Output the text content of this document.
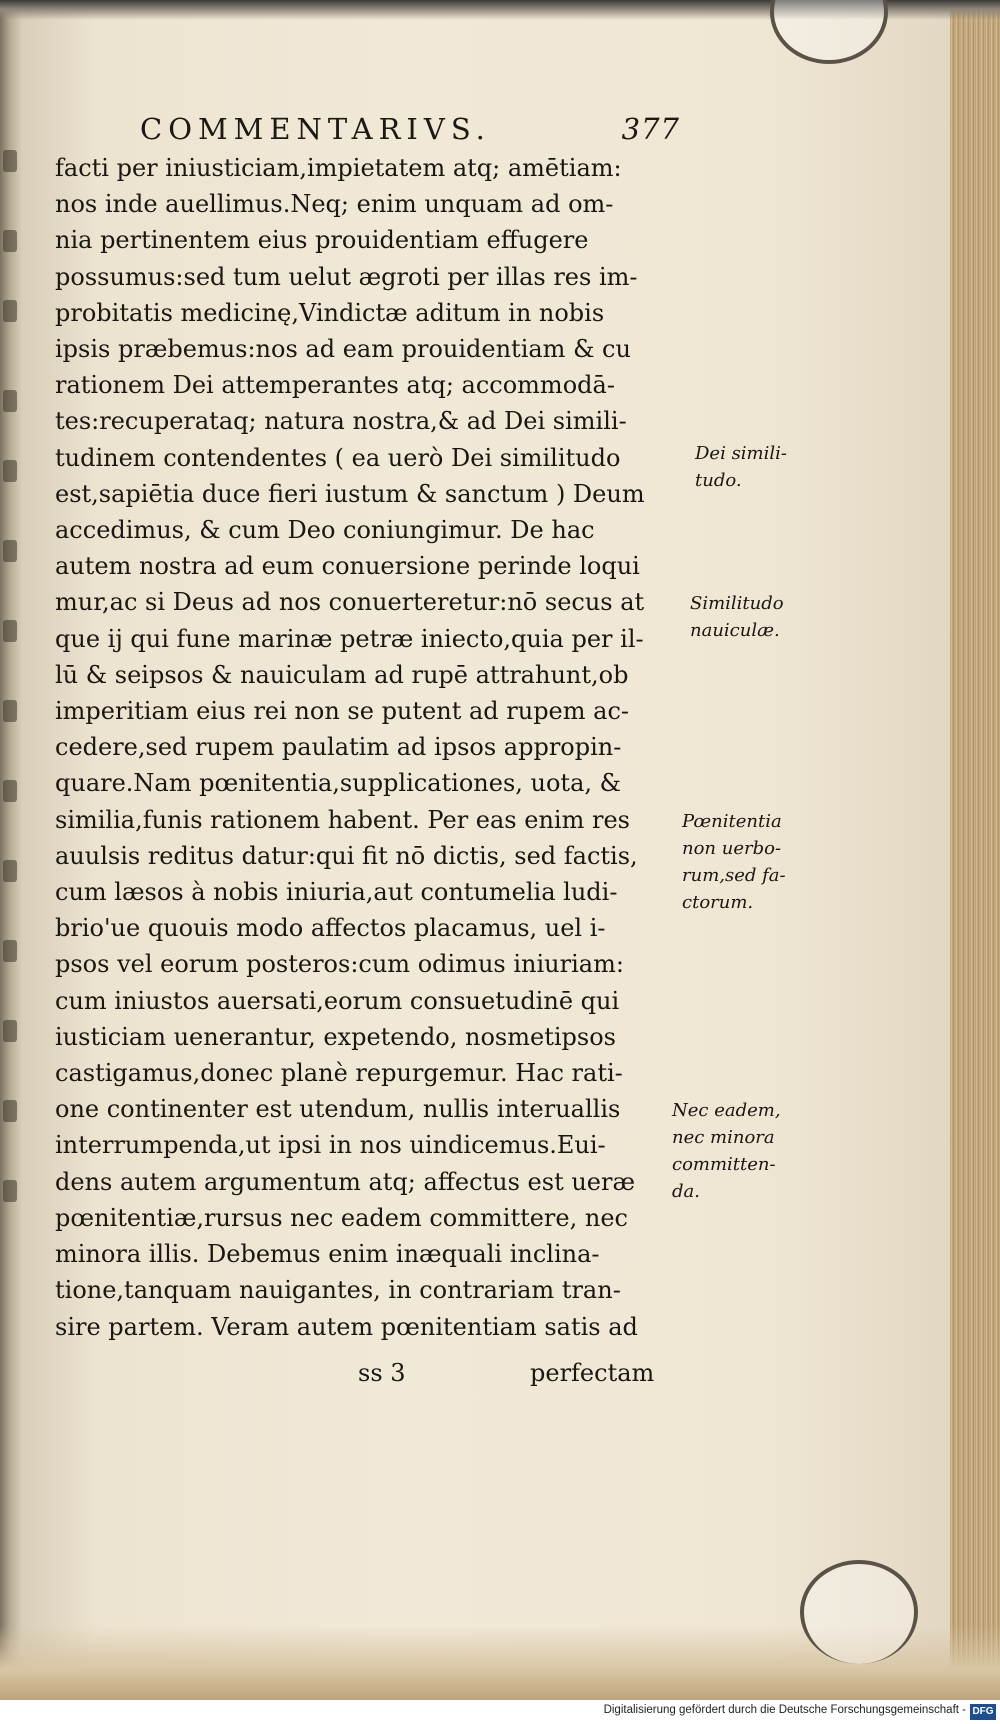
COMMENTARIVS.	377
facti per iniusticiam,impietatem atq; amētiam:
nos inde auellimus.Neq; enim unquam ad om-
nia pertinentem eius prouidentiam effugere
possumus:sed tum uelut ægroti per illas res im-
probitatis medicinę,Vindictæ aditum in nobis
ipsis præbemus:nos ad eam prouidentiam & cu
rationem Dei attemperantes atq; accommodā-
tes:recuperataq; natura nostra,& ad Dei simili-
tudinem contendentes ( ea uerò Dei similitudo
est,sapiētia duce fieri iustum & sanctum ) Deum
accedimus, & cum Deo coniungimur. De hac
autem nostra ad eum conuersione perinde loqui
mur,ac si Deus ad nos conuerteretur:nō secus at
que ij qui fune marinæ petræ iniecto,quia per il-
lū & seipsos & nauiculam ad rupē attrahunt,ob
imperitiam eius rei non se putent ad rupem ac-
cedere,sed rupem paulatim ad ipsos appropin-
quare.Nam pœnitentia,supplicationes, uota, &
similia,funis rationem habent. Per eas enim res
auulsis reditus datur:qui fit nō dictis, sed factis,
cum læsos à nobis iniuria,aut contumelia ludi-
brio'ue quouis modo affectos placamus, uel i-
psos vel eorum posteros:cum odimus iniuriam:
cum iniustos auersati,eorum consuetudinē qui
iusticiam uenerantur, expetendo, nosmetipsos
castigamus,donec planè repurgemur. Hac rati-
one continenter est utendum, nullis interuallis
interrumpenda,ut ipsi in nos uindicemus.Eui-
dens autem argumentum atq; affectus est ueræ
pœnitentiæ,rursus nec eadem committere, nec
minora illis. Debemus enim inæquali inclina-
tione,tanquam nauigantes, in contrariam tran-
sire partem. Veram autem pœnitentiam satis ad
Dei simili-
tudo.
Similitudo
nauiculæ.
Pœnitentia
non uerbo-
rum,sed fa-
ctorum.
Nec eadem,
nec minora
committen-
da.
ss 3	perfectam
Digitalisierung gefördert durch die Deutsche Forschungsgemeinschaft - DFG
